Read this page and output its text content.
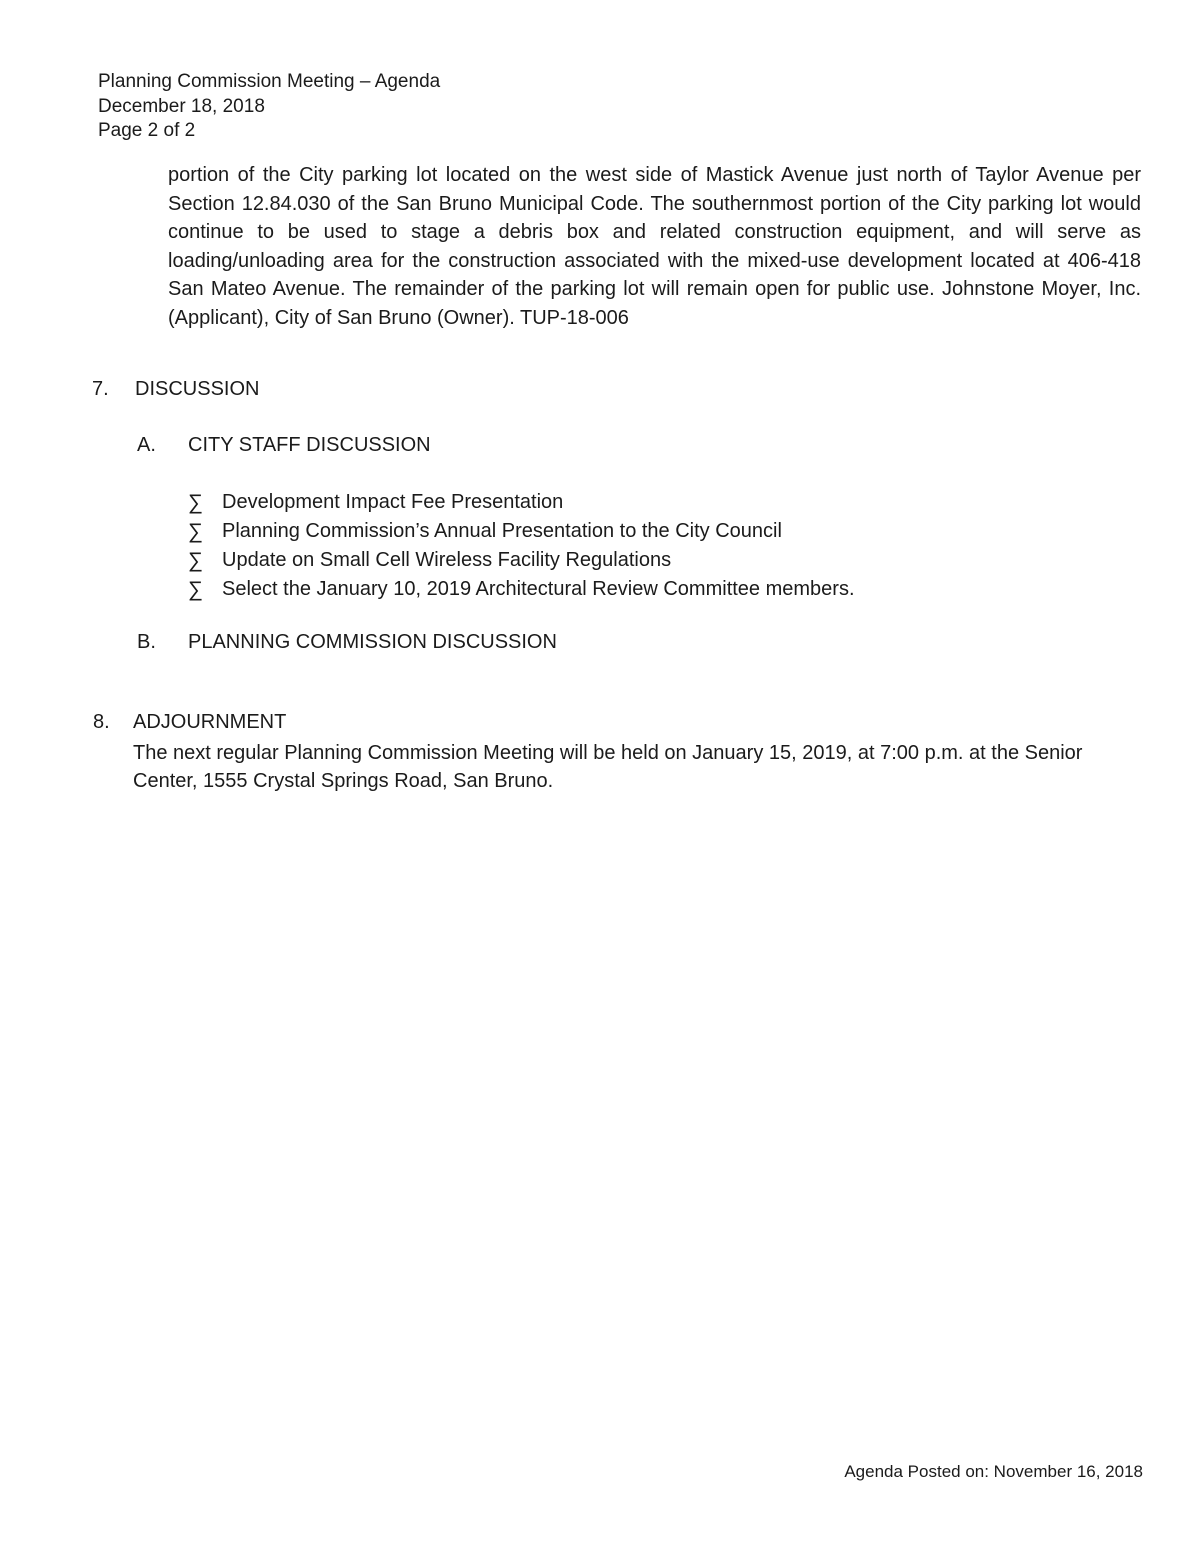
Planning Commission Meeting – Agenda
December 18, 2018
Page 2 of 2
portion of the City parking lot located on the west side of Mastick Avenue just north of Taylor Avenue per Section 12.84.030 of the San Bruno Municipal Code. The southernmost portion of the City parking lot would continue to be used to stage a debris box and related construction equipment, and will serve as loading/unloading area for the construction associated with the mixed-use development located at 406-418 San Mateo Avenue. The remainder of the parking lot will remain open for public use. Johnstone Moyer, Inc. (Applicant), City of San Bruno (Owner). TUP-18-006
7.	DISCUSSION
A.	CITY STAFF DISCUSSION
∑ Development Impact Fee Presentation
∑ Planning Commission’s Annual Presentation to the City Council
∑ Update on Small Cell Wireless Facility Regulations
∑ Select the January 10, 2019 Architectural Review Committee members.
B.	PLANNING COMMISSION DISCUSSION
8.	ADJOURNMENT
The next regular Planning Commission Meeting will be held on January 15, 2019, at 7:00 p.m. at the Senior Center, 1555 Crystal Springs Road, San Bruno.
Agenda Posted on: November 16, 2018
